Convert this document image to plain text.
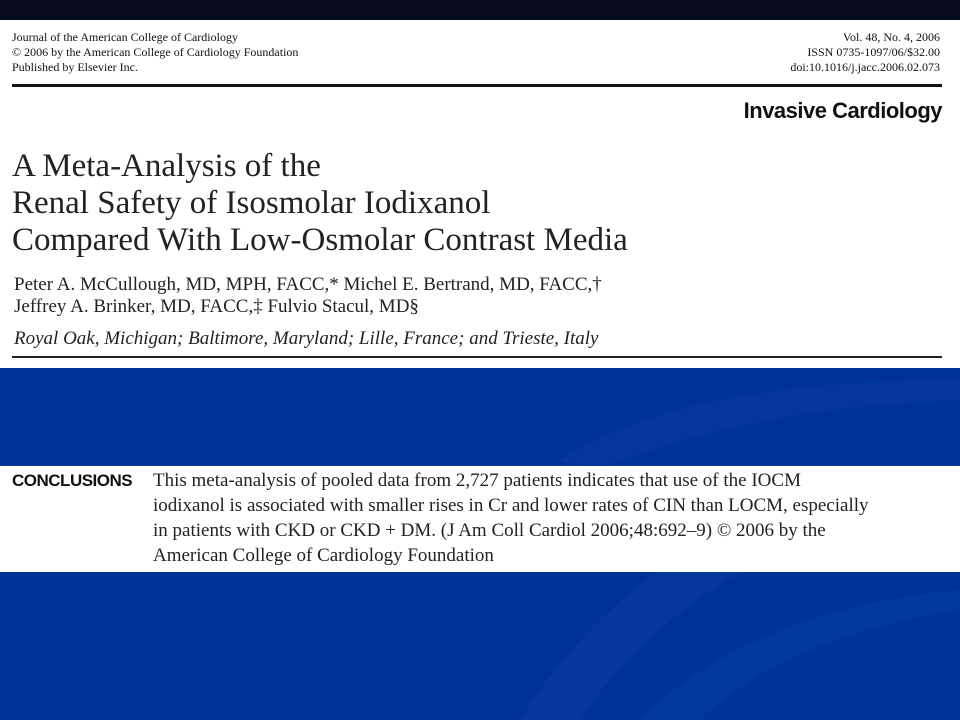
Journal of the American College of Cardiology
© 2006 by the American College of Cardiology Foundation
Published by Elsevier Inc.
Vol. 48, No. 4, 2006
ISSN 0735-1097/06/$32.00
doi:10.1016/j.jacc.2006.02.073
Invasive Cardiology
A Meta-Analysis of the
Renal Safety of Isosmolar Iodixanol
Compared With Low-Osmolar Contrast Media
Peter A. McCullough, MD, MPH, FACC,* Michel E. Bertrand, MD, FACC,†
Jeffrey A. Brinker, MD, FACC,‡ Fulvio Stacul, MD§
Royal Oak, Michigan; Baltimore, Maryland; Lille, France; and Trieste, Italy
CONCLUSIONS This meta-analysis of pooled data from 2,727 patients indicates that use of the IOCM
iodixanol is associated with smaller rises in Cr and lower rates of CIN than LOCM, especially
in patients with CKD or CKD + DM. (J Am Coll Cardiol 2006;48:692–9) © 2006 by the
American College of Cardiology Foundation
